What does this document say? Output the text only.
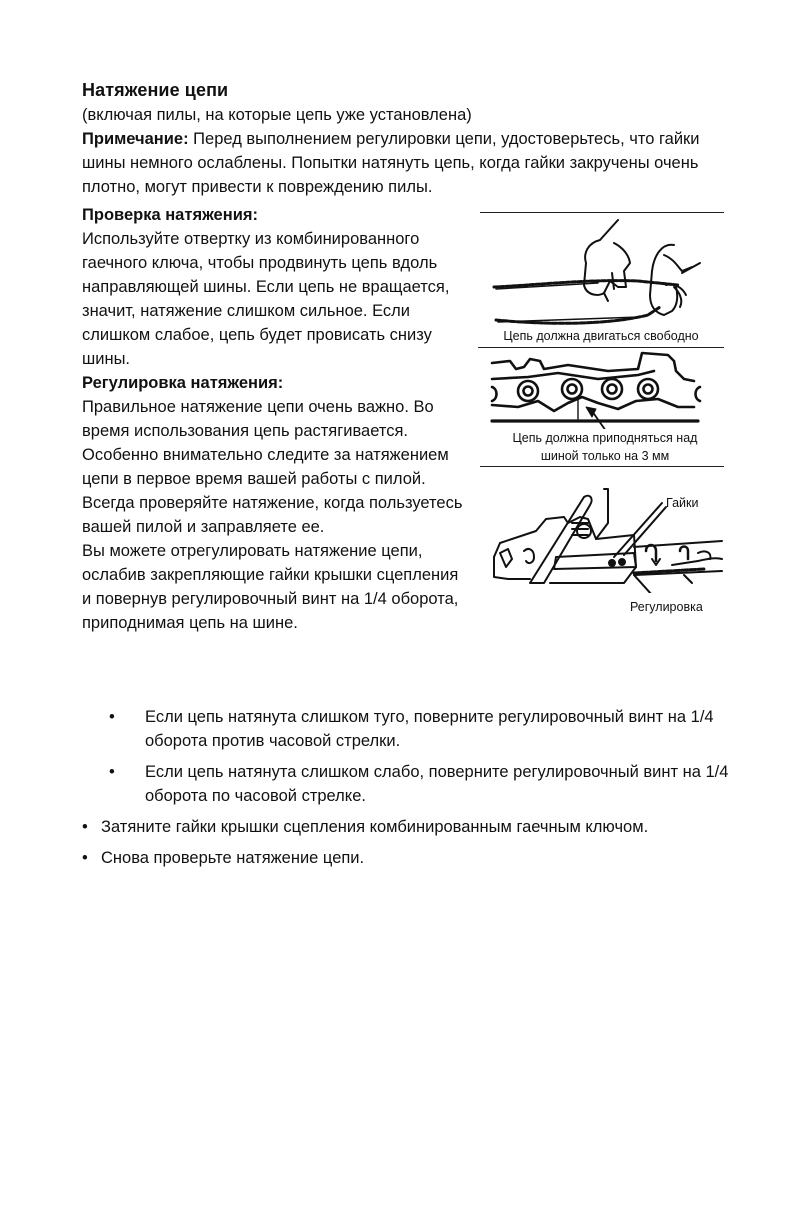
Натяжение цепи

(включая пилы, на которые цепь уже установлена)

Примечание: Перед выполнением регулировки цепи, удостоверьтесь, что гайки шины немного ослаблены. Попытки натянуть цепь, когда гайки закручены очень плотно, могут привести к повреждению пилы.

Проверка натяжения:

Используйте отвертку из комбинированного гаечного ключа, чтобы продвинуть цепь вдоль направляющей шины. Если цепь не вращается, значит, натяжение слишком сильное. Если слишком слабое, цепь будет провисать снизу шины.

Регулировка натяжения:

Правильное натяжение цепи очень важно. Во время использования цепь растягивается. Особенно внимательно следите за натяжением цепи в первое время вашей работы с пилой. Всегда проверяйте натяжение, когда пользуетесь вашей пилой и заправляете ее.

Вы можете отрегулировать натяжение цепи, ослабив закрепляющие гайки крышки сцепления и повернув регулировочный винт на 1/4 оборота, приподнимая цепь на шине.

Цепь должна двигаться свободно
Цепь должна приподняться над
шиной только на 3 мм
Гайки
Регулировка
• Если цепь натянута слишком туго, поверните регулировочный винт на 1/4 оборота против часовой стрелки.
• Если цепь натянута слишком слабо, поверните регулировочный винт на 1/4 оборота по часовой стрелке.
• Затяните гайки крышки сцепления комбинированным гаечным ключом.
• Снова проверьте натяжение цепи.
